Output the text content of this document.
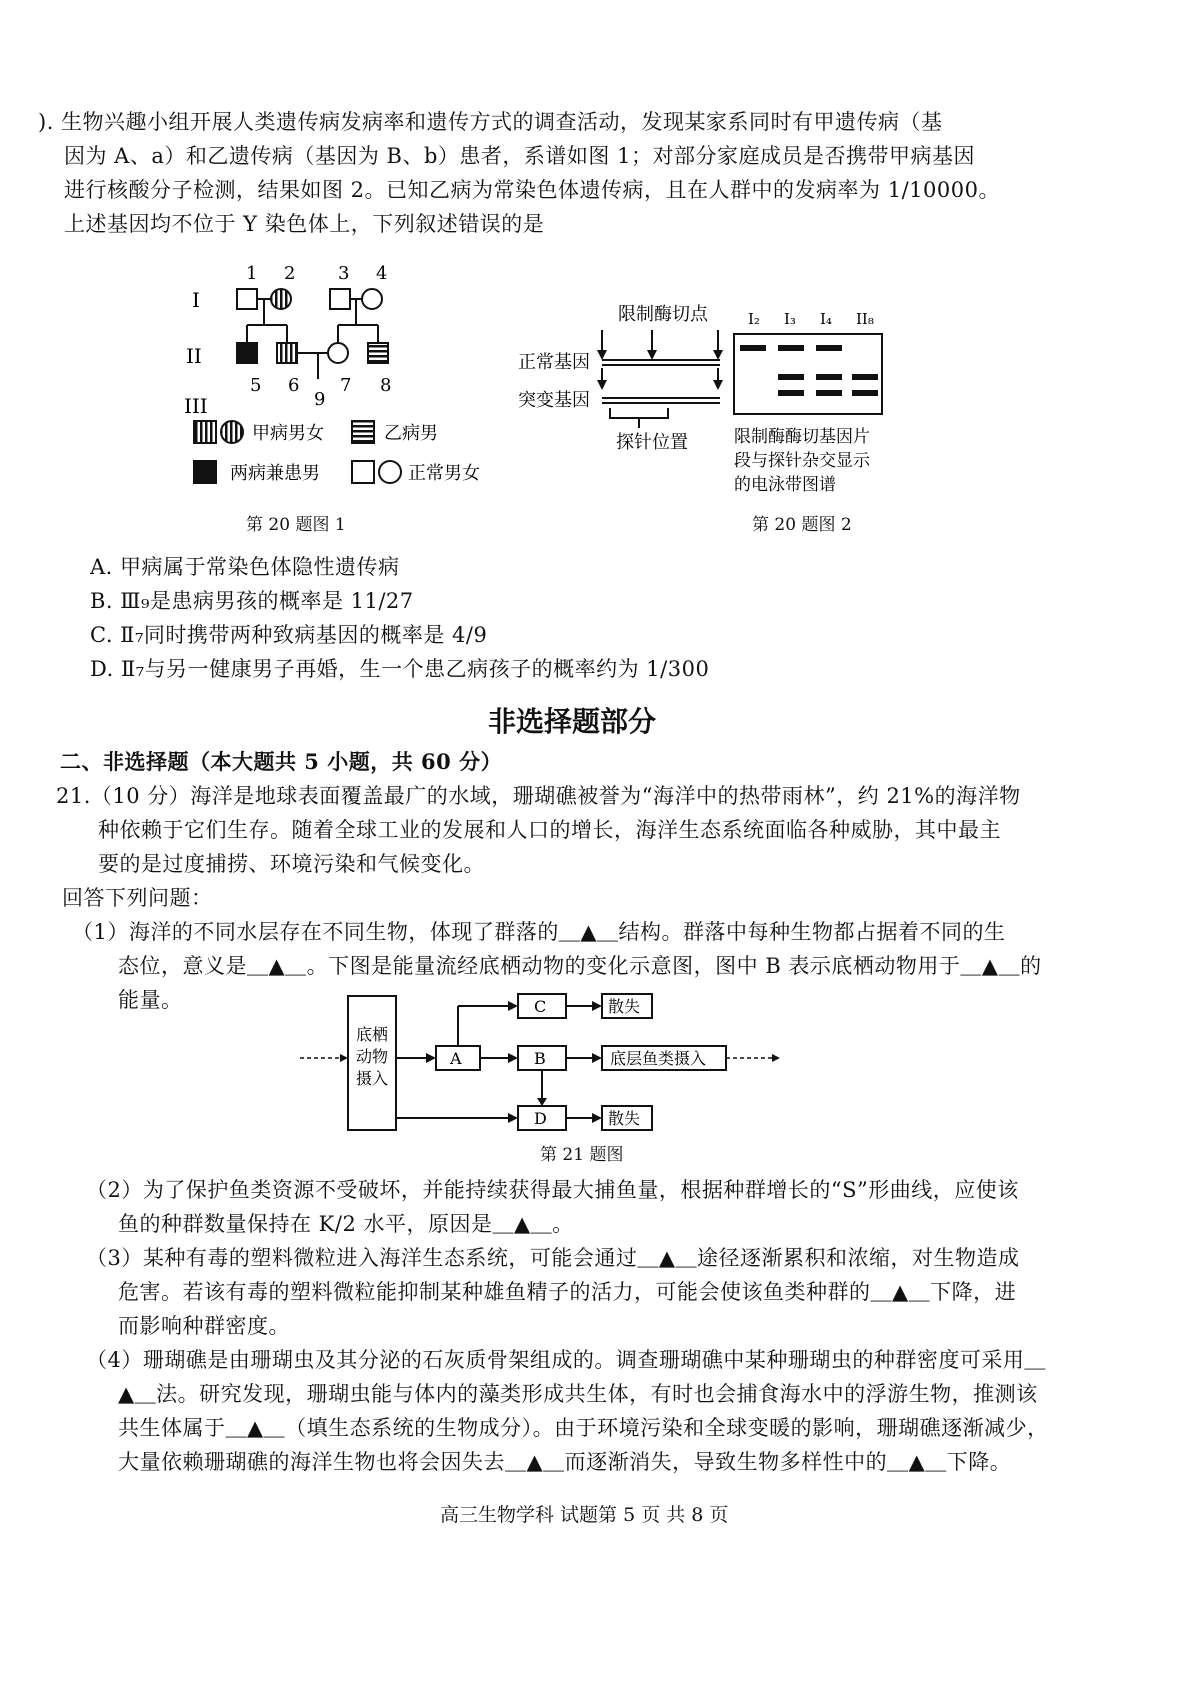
). 生物兴趣小组开展人类遗传病发病率和遗传方式的调查活动，发现某家系同时有甲遗传病（基
因为 A、a）和乙遗传病（基因为 B、b）患者，系谱如图 1；对部分家庭成员是否携带甲病基因
进行核酸分子检测，结果如图 2。已知乙病为常染色体遗传病，且在人群中的发病率为 1/10000。
上述基因均不位于 Y 染色体上，下列叙述错误的是
I
II
III
1 2 3 4
5 6 7 8
9
甲病男女	乙病男
两病兼患男	正常男女
第 20 题图 1
限制酶切点
正常基因
突变基因
探针位置
I₂ I₃ I₄ II₈
限制酶酶切基因片
段与探针杂交显示
的电泳带图谱
第 20 题图 2
A. 甲病属于常染色体隐性遗传病
B. Ⅲ₉是患病男孩的概率是 11/27
C. Ⅱ₇同时携带两种致病基因的概率是 4/9
D. Ⅱ₇与另一健康男子再婚，生一个患乙病孩子的概率约为 1/300
非选择题部分
二、非选择题（本大题共 5 小题，共 60 分）
21.（10 分）海洋是地球表面覆盖最广的水域，珊瑚礁被誉为“海洋中的热带雨林”，约 21%的海洋物
种依赖于它们生存。随着全球工业的发展和人口的增长，海洋生态系统面临各种威胁，其中最主
要的是过度捕捞、环境污染和气候变化。
回答下列问题：
（1）海洋的不同水层存在不同生物，体现了群落的＿▲＿结构。群落中每种生物都占据着不同的生
态位，意义是＿▲＿。下图是能量流经底栖动物的变化示意图，图中 B 表示底栖动物用于＿▲＿的
能量。
底栖
动物
摄入
A
C	散失
B	底层鱼类摄入
D	散失
第 21 题图
（2）为了保护鱼类资源不受破坏，并能持续获得最大捕鱼量，根据种群增长的“S”形曲线，应使该
鱼的种群数量保持在 K/2 水平，原因是＿▲＿。
（3）某种有毒的塑料微粒进入海洋生态系统，可能会通过＿▲＿途径逐渐累积和浓缩，对生物造成
危害。若该有毒的塑料微粒能抑制某种雄鱼精子的活力，可能会使该鱼类种群的＿▲＿下降，进
而影响种群密度。
（4）珊瑚礁是由珊瑚虫及其分泌的石灰质骨架组成的。调查珊瑚礁中某种珊瑚虫的种群密度可采用＿
▲＿法。研究发现，珊瑚虫能与体内的藻类形成共生体，有时也会捕食海水中的浮游生物，推测该
共生体属于＿▲＿（填生态系统的生物成分）。由于环境污染和全球变暖的影响，珊瑚礁逐渐减少，
大量依赖珊瑚礁的海洋生物也将会因失去＿▲＿而逐渐消失，导致生物多样性中的＿▲＿下降。
高三生物学科 试题第 5 页 共 8 页
